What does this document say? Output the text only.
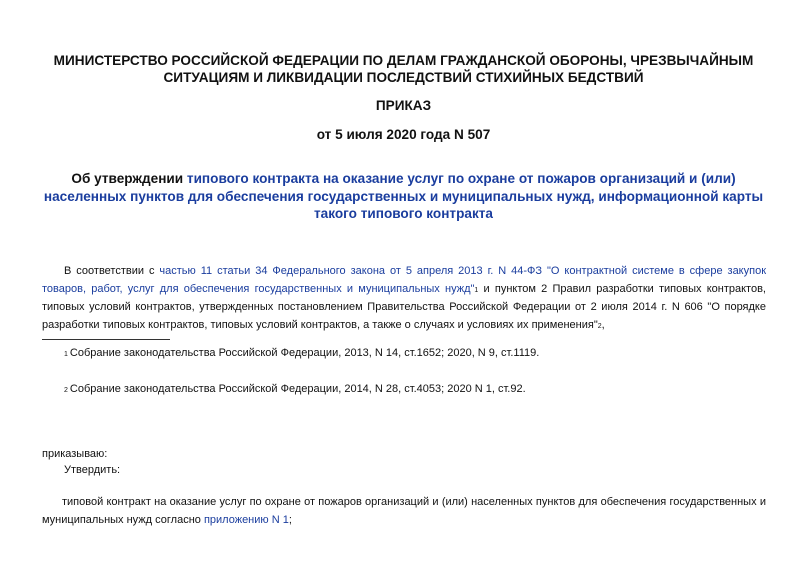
МИНИСТЕРСТВО РОССИЙСКОЙ ФЕДЕРАЦИИ ПО ДЕЛАМ ГРАЖДАНСКОЙ ОБОРОНЫ, ЧРЕЗВЫЧАЙНЫМ СИТУАЦИЯМ И ЛИКВИДАЦИИ ПОСЛЕДСТВИЙ СТИХИЙНЫХ БЕДСТВИЙ
ПРИКАЗ
от 5 июля 2020 года N 507
Об утверждении типового контракта на оказание услуг по охране от пожаров организаций и (или) населенных пунктов для обеспечения государственных и муниципальных нужд, информационной карты такого типового контракта
В соответствии с частью 11 статьи 34 Федерального закона от 5 апреля 2013 г. N 44-ФЗ "О контрактной системе в сфере закупок товаров, работ, услуг для обеспечения государственных и муниципальных нужд"1 и пунктом 2 Правил разработки типовых контрактов, типовых условий контрактов, утвержденных постановлением Правительства Российской Федерации от 2 июля 2014 г. N 606 "О порядке разработки типовых контрактов, типовых условий контрактов, а также о случаях и условиях их применения"2,
1 Собрание законодательства Российской Федерации, 2013, N 14, ст.1652; 2020, N 9, ст.1119.
2 Собрание законодательства Российской Федерации, 2014, N 28, ст.4053; 2020 N 1, ст.92.
приказываю:
Утвердить:
типовой контракт на оказание услуг по охране от пожаров организаций и (или) населенных пунктов для обеспечения государственных и муниципальных нужд согласно приложению N 1;
